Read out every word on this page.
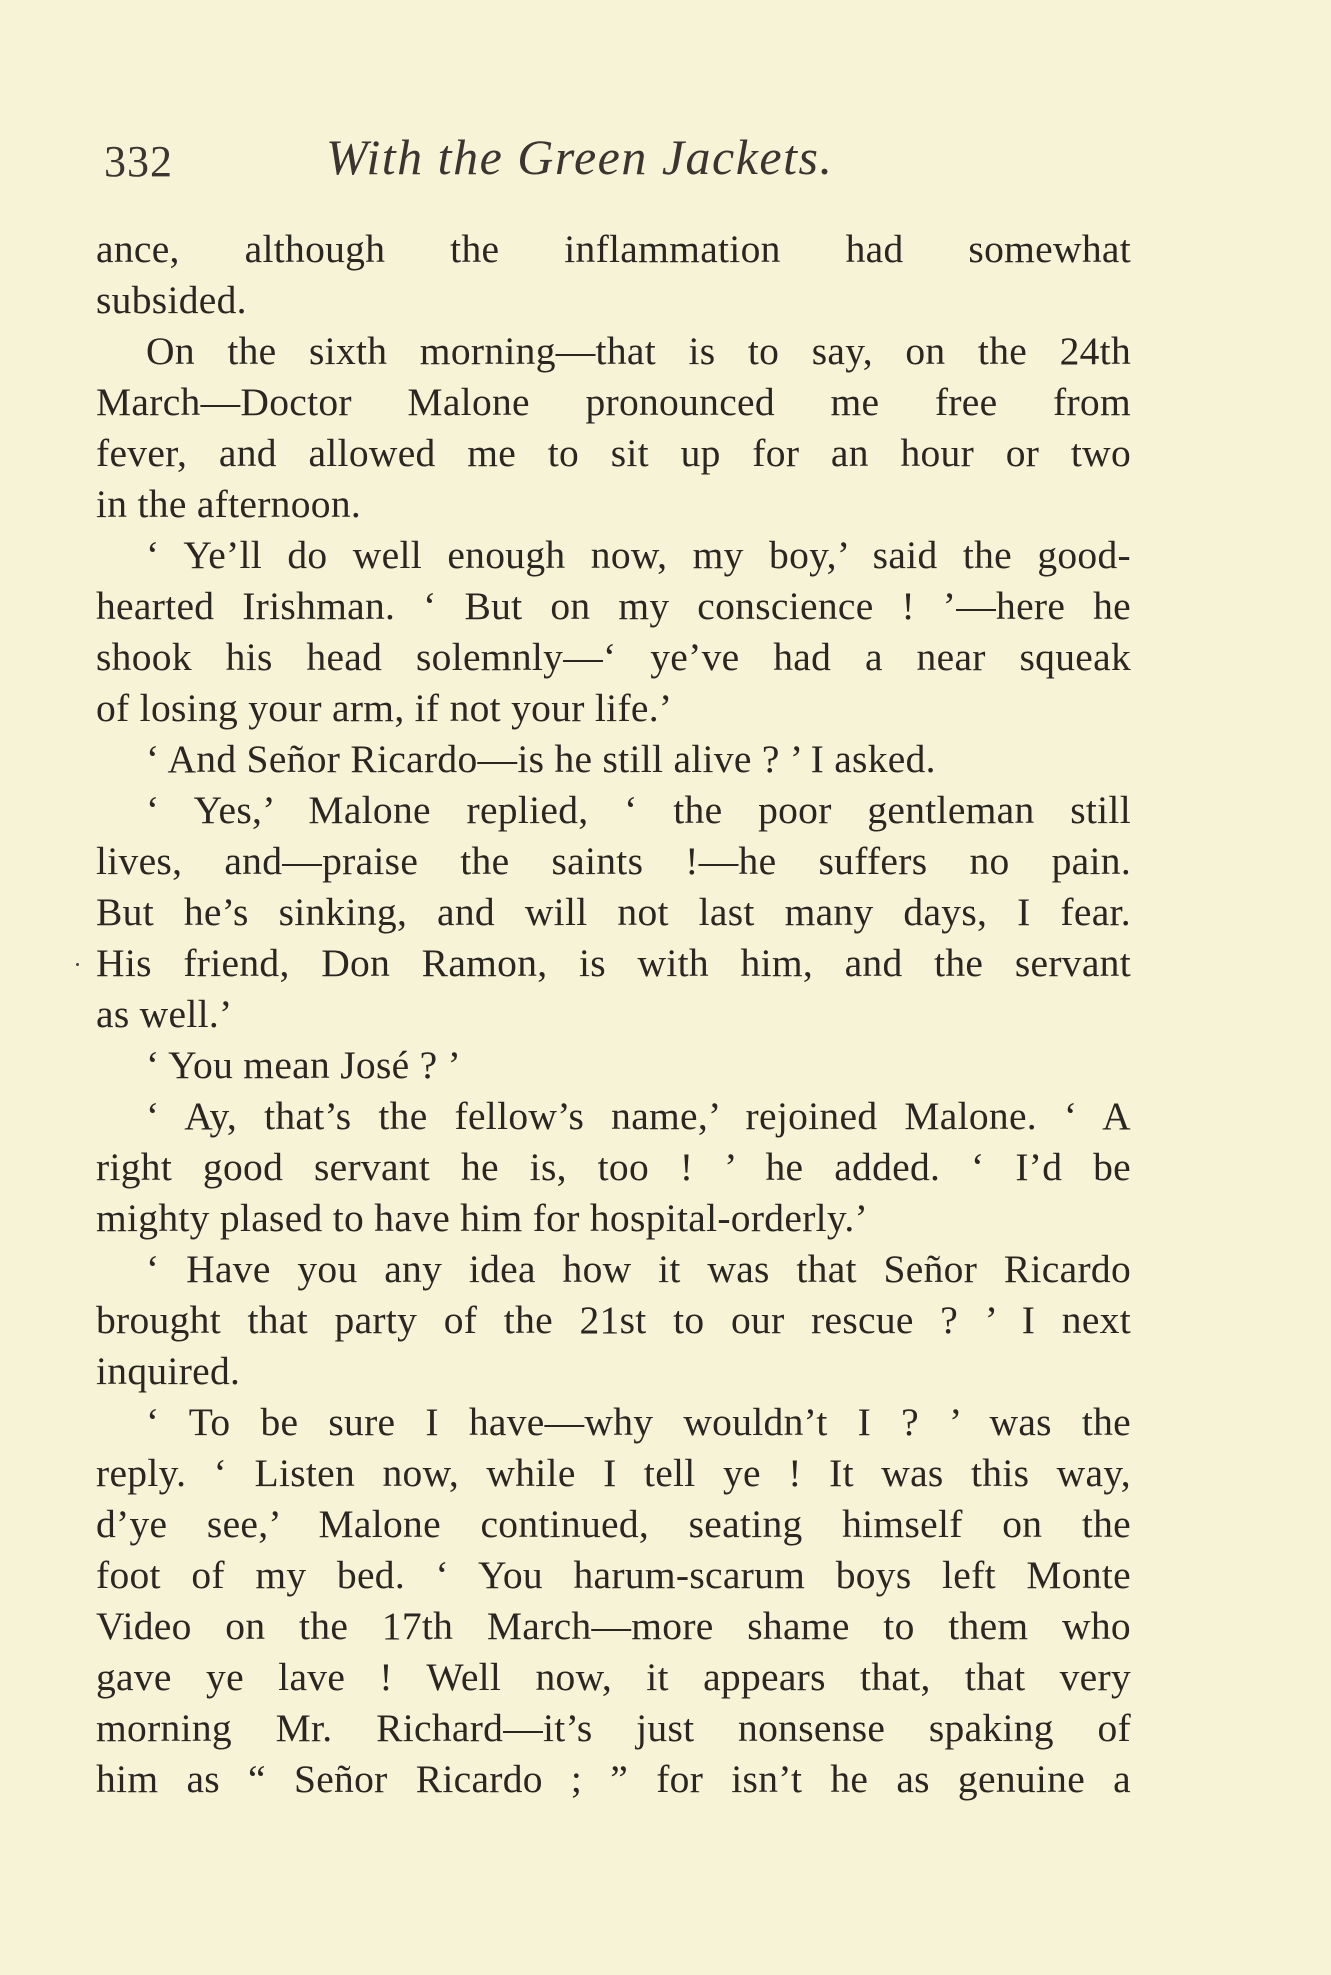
332	With the Green Jackets.
ance, although the inflammation had somewhat
subsided.
On the sixth morning—that is to say, on the 24th
March—Doctor Malone pronounced me free from
fever, and allowed me to sit up for an hour or two
in the afternoon.
‘ Ye’ll do well enough now, my boy,’ said the good-
hearted Irishman. ‘ But on my conscience ! ’—here he
shook his head solemnly—‘ ye’ve had a near squeak
of losing your arm, if not your life.’
‘ And Señor Ricardo—is he still alive ? ’ I asked.
‘ Yes,’ Malone replied, ‘ the poor gentleman still
lives, and—praise the saints !—he suffers no pain.
But he’s sinking, and will not last many days, I fear.
His friend, Don Ramon, is with him, and the servant
as well.’
‘ You mean José ? ’
‘ Ay, that’s the fellow’s name,’ rejoined Malone. ‘ A
right good servant he is, too ! ’ he added. ‘ I’d be
mighty plased to have him for hospital-orderly.’
‘ Have you any idea how it was that Señor Ricardo
brought that party of the 21st to our rescue ? ’ I next
inquired.
‘ To be sure I have—why wouldn’t I ? ’ was the
reply. ‘ Listen now, while I tell ye ! It was this way,
d’ye see,’ Malone continued, seating himself on the
foot of my bed. ‘ You harum-scarum boys left Monte
Video on the 17th March—more shame to them who
gave ye lave ! Well now, it appears that, that very
morning Mr. Richard—it’s just nonsense spaking of
him as “ Señor Ricardo ; ” for isn’t he as genuine a
